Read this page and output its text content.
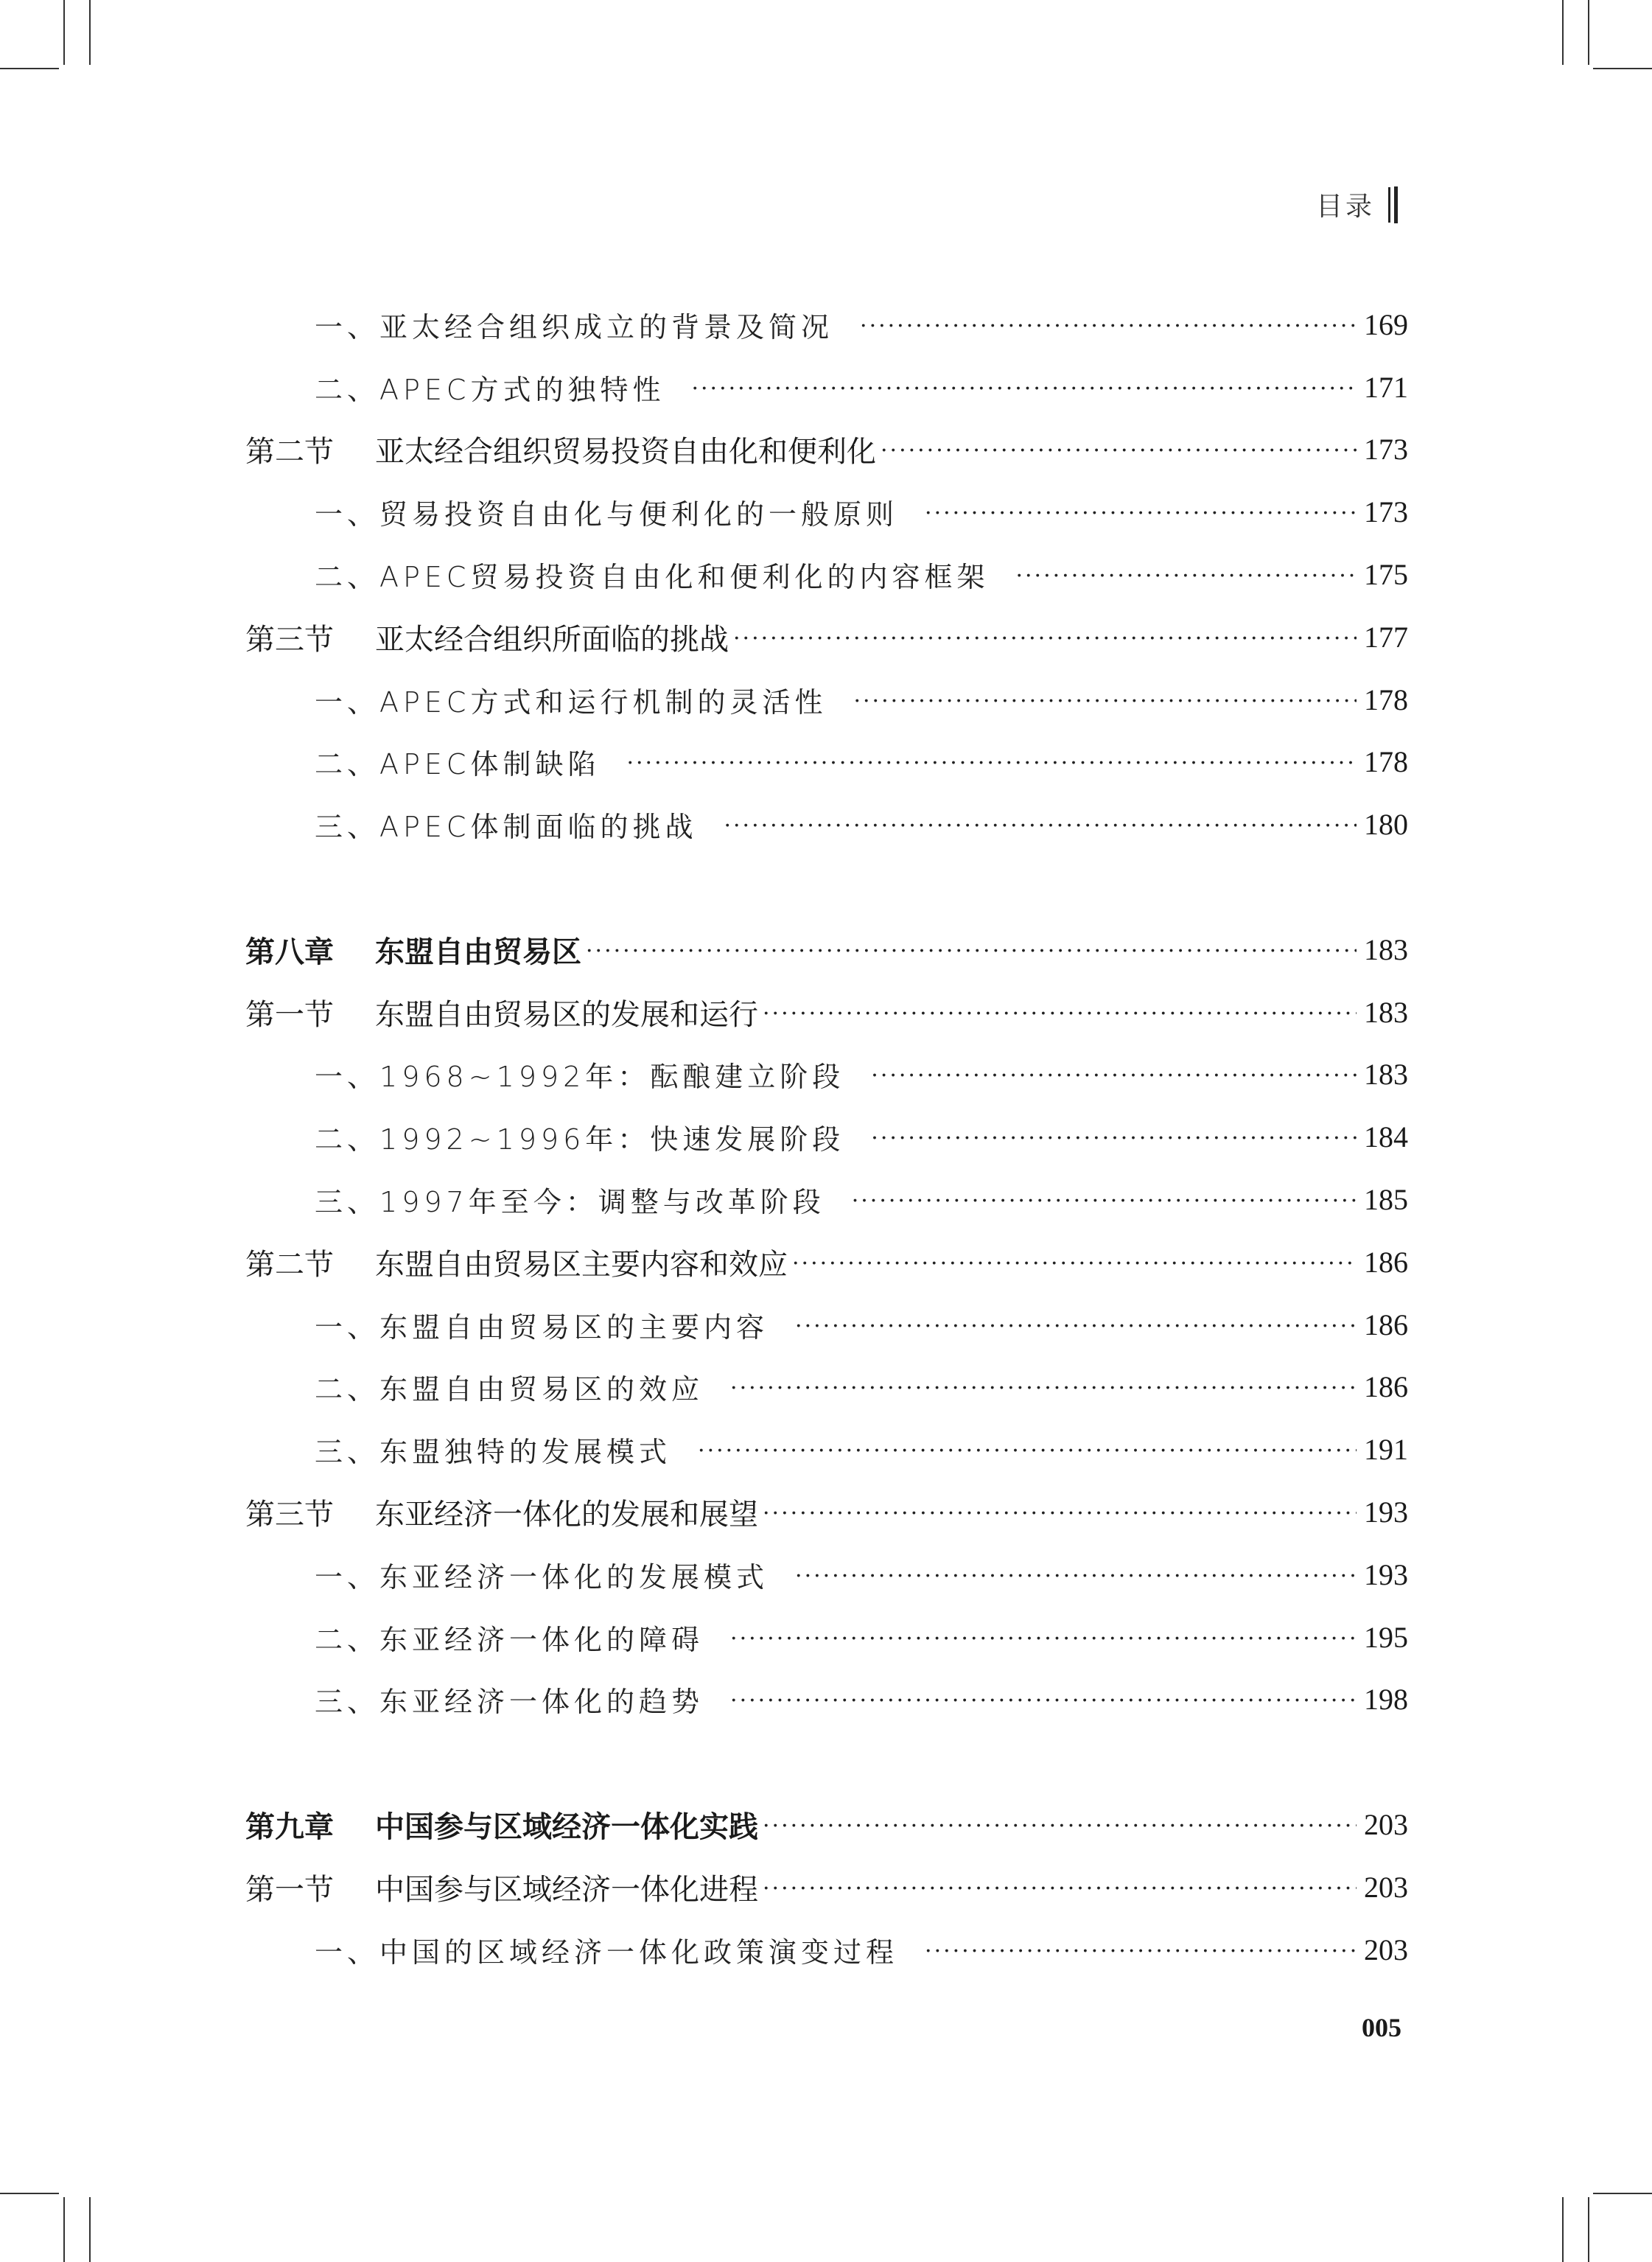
目录
一、亚太经合组织成立的背景及简况 ·····	169
二、APEC方式的独特性 ·····	171
第二节 亚太经合组织贸易投资自由化和便利化 ·····	173
一、贸易投资自由化与便利化的一般原则 ·····	173
二、APEC贸易投资自由化和便利化的内容框架 ·····	175
第三节 亚太经合组织所面临的挑战 ·····	177
一、APEC方式和运行机制的灵活性 ·····	178
二、APEC体制缺陷 ·····	178
三、APEC体制面临的挑战 ·····	180
第八章 东盟自由贸易区 ·····	183
第一节 东盟自由贸易区的发展和运行 ·····	183
一、1968~1992年：酝酿建立阶段 ·····	183
二、1992~1996年：快速发展阶段 ·····	184
三、1997年至今：调整与改革阶段 ·····	185
第二节 东盟自由贸易区主要内容和效应 ·····	186
一、东盟自由贸易区的主要内容 ·····	186
二、东盟自由贸易区的效应 ·····	186
三、东盟独特的发展模式 ·····	191
第三节 东亚经济一体化的发展和展望 ·····	193
一、东亚经济一体化的发展模式 ·····	193
二、东亚经济一体化的障碍 ·····	195
三、东亚经济一体化的趋势 ·····	198
第九章 中国参与区域经济一体化实践 ·····	203
第一节 中国参与区域经济一体化进程 ·····	203
一、中国的区域经济一体化政策演变过程 ·····	203
005
